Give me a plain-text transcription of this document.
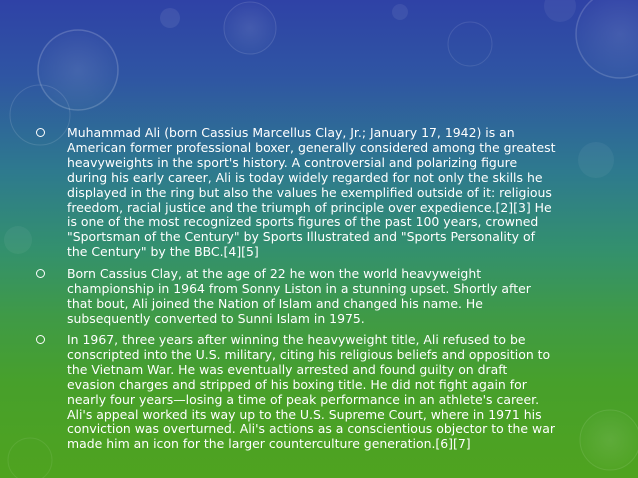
Muhammad Ali (born Cassius Marcellus Clay, Jr.; January 17, 1942) is an
American former professional boxer, generally considered among the greatest
heavyweights in the sport's history. A controversial and polarizing figure
during his early career, Ali is today widely regarded for not only the skills he
displayed in the ring but also the values he exemplified outside of it: religious
freedom, racial justice and the triumph of principle over expedience.[2][3] He
is one of the most recognized sports figures of the past 100 years, crowned
"Sportsman of the Century" by Sports Illustrated and "Sports Personality of
the Century" by the BBC.[4][5]
Born Cassius Clay, at the age of 22 he won the world heavyweight
championship in 1964 from Sonny Liston in a stunning upset. Shortly after
that bout, Ali joined the Nation of Islam and changed his name. He
subsequently converted to Sunni Islam in 1975.
In 1967, three years after winning the heavyweight title, Ali refused to be
conscripted into the U.S. military, citing his religious beliefs and opposition to
the Vietnam War. He was eventually arrested and found guilty on draft
evasion charges and stripped of his boxing title. He did not fight again for
nearly four years—losing a time of peak performance in an athlete's career.
Ali's appeal worked its way up to the U.S. Supreme Court, where in 1971 his
conviction was overturned. Ali's actions as a conscientious objector to the war
made him an icon for the larger counterculture generation.[6][7]
